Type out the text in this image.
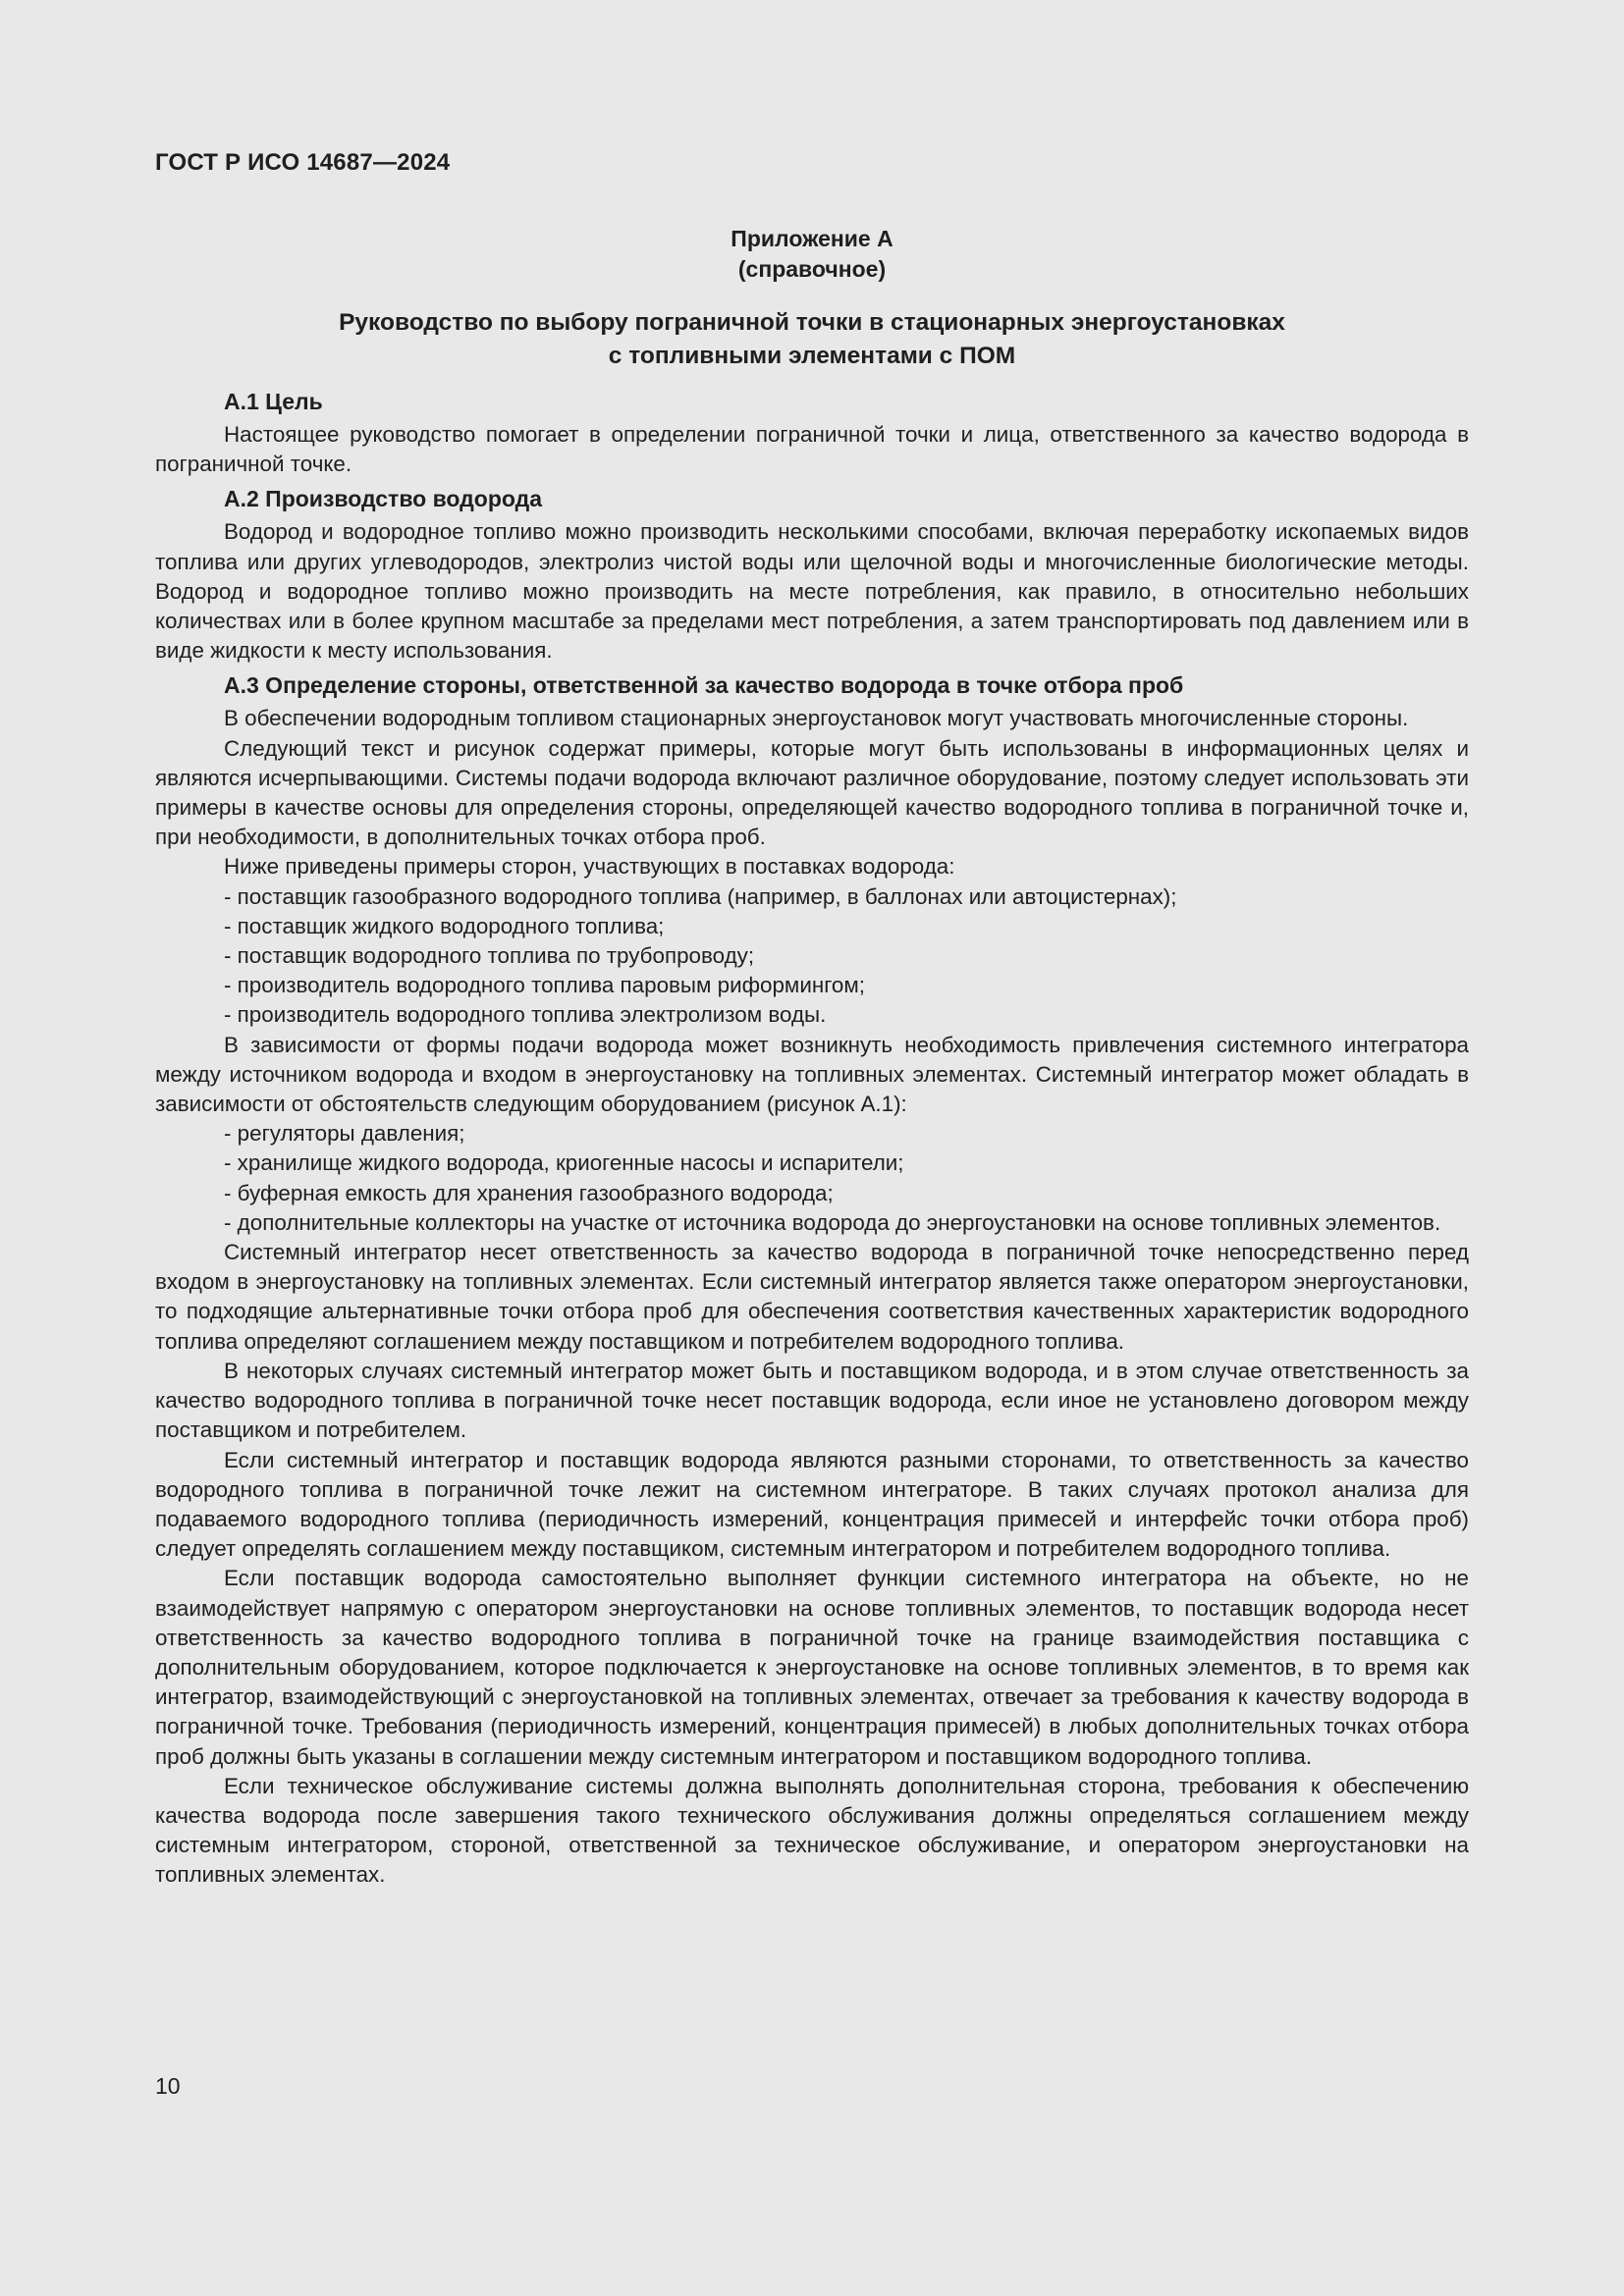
ГОСТ Р ИСО 14687—2024
Приложение А
(справочное)
Руководство по выбору пограничной точки в стационарных энергоустановках
с топливными элементами с ПОМ
А.1 Цель

Настоящее руководство помогает в определении пограничной точки и лица, ответственного за качество водорода в пограничной точке.

А.2 Производство водорода

Водород и водородное топливо можно производить несколькими способами, включая переработку ископаемых видов топлива или других углеводородов, электролиз чистой воды или щелочной воды и многочисленные биологические методы. Водород и водородное топливо можно производить на месте потребления, как правило, в относительно небольших количествах или в более крупном масштабе за пределами мест потребления, а затем транспортировать под давлением или в виде жидкости к месту использования.

А.3 Определение стороны, ответственной за качество водорода в точке отбора проб

В обеспечении водородным топливом стационарных энергоустановок могут участвовать многочисленные стороны.

Следующий текст и рисунок содержат примеры, которые могут быть использованы в информационных целях и являются исчерпывающими. Системы подачи водорода включают различное оборудование, поэтому следует использовать эти примеры в качестве основы для определения стороны, определяющей качество водородного топлива в пограничной точке и, при необходимости, в дополнительных точках отбора проб.

Ниже приведены примеры сторон, участвующих в поставках водорода:

- поставщик газообразного водородного топлива (например, в баллонах или автоцистернах);
- поставщик жидкого водородного топлива;
- поставщик водородного топлива по трубопроводу;
- производитель водородного топлива паровым риформингом;
- производитель водородного топлива электролизом воды.

В зависимости от формы подачи водорода может возникнуть необходимость привлечения системного интегратора между источником водорода и входом в энергоустановку на топливных элементах. Системный интегратор может обладать в зависимости от обстоятельств следующим оборудованием (рисунок А.1):

- регуляторы давления;
- хранилище жидкого водорода, криогенные насосы и испарители;
- буферная емкость для хранения газообразного водорода;
- дополнительные коллекторы на участке от источника водорода до энергоустановки на основе топливных элементов.

Системный интегратор несет ответственность за качество водорода в пограничной точке непосредственно перед входом в энергоустановку на топливных элементах. Если системный интегратор является также оператором энергоустановки, то подходящие альтернативные точки отбора проб для обеспечения соответствия качественных характеристик водородного топлива определяют соглашением между поставщиком и потребителем водородного топлива.

В некоторых случаях системный интегратор может быть и поставщиком водорода, и в этом случае ответственность за качество водородного топлива в пограничной точке несет поставщик водорода, если иное не установлено договором между поставщиком и потребителем.

Если системный интегратор и поставщик водорода являются разными сторонами, то ответственность за качество водородного топлива в пограничной точке лежит на системном интеграторе. В таких случаях протокол анализа для подаваемого водородного топлива (периодичность измерений, концентрация примесей и интерфейс точки отбора проб) следует определять соглашением между поставщиком, системным интегратором и потребителем водородного топлива.

Если поставщик водорода самостоятельно выполняет функции системного интегратора на объекте, но не взаимодействует напрямую с оператором энергоустановки на основе топливных элементов, то поставщик водорода несет ответственность за качество водородного топлива в пограничной точке на границе взаимодействия поставщика с дополнительным оборудованием, которое подключается к энергоустановке на основе топливных элементов, в то время как интегратор, взаимодействующий с энергоустановкой на топливных элементах, отвечает за требования к качеству водорода в пограничной точке. Требования (периодичность измерений, концентрация примесей) в любых дополнительных точках отбора проб должны быть указаны в соглашении между системным интегратором и поставщиком водородного топлива.

Если техническое обслуживание системы должна выполнять дополнительная сторона, требования к обеспечению качества водорода после завершения такого технического обслуживания должны определяться соглашением между системным интегратором, стороной, ответственной за техническое обслуживание, и оператором энергоустановки на топливных элементах.

10
